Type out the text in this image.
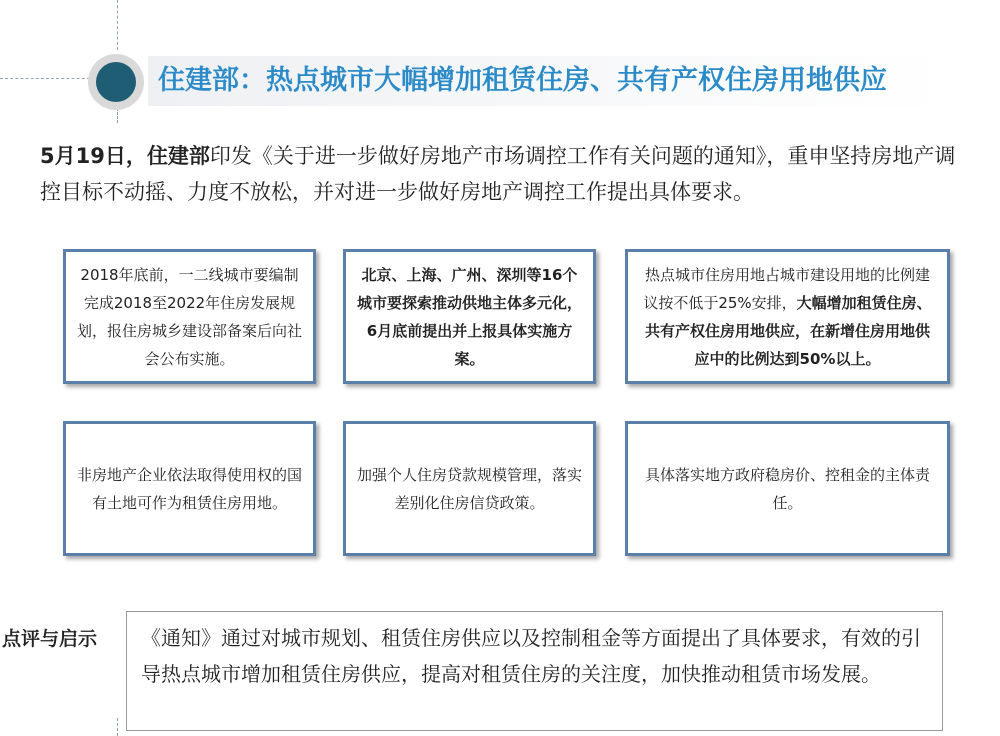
住建部：热点城市大幅增加租赁住房、共有产权住房用地供应
5月19日，住建部印发《关于进一步做好房地产市场调控工作有关问题的通知》，重申坚持房地产调控目标不动摇、力度不放松，并对进一步做好房地产调控工作提出具体要求。
2018年底前，一二线城市要编制完成2018至2022年住房发展规划，报住房城乡建设部备案后向社会公布实施。
北京、上海、广州、深圳等16个城市要探索推动供地主体多元化，6月底前提出并上报具体实施方案。
热点城市住房用地占城市建设用地的比例建议按不低于25%安排，大幅增加租赁住房、共有产权住房用地供应，在新增住房用地供应中的比例达到50%以上。
非房地产企业依法取得使用权的国有土地可作为租赁住房用地。
加强个人住房贷款规模管理，落实差别化住房信贷政策。
具体落实地方政府稳房价、控租金的主体责任。
点评与启示	《通知》通过对城市规划、租赁住房供应以及控制租金等方面提出了具体要求，有效的引导热点城市增加租赁住房供应，提高对租赁住房的关注度，加快推动租赁市场发展。
